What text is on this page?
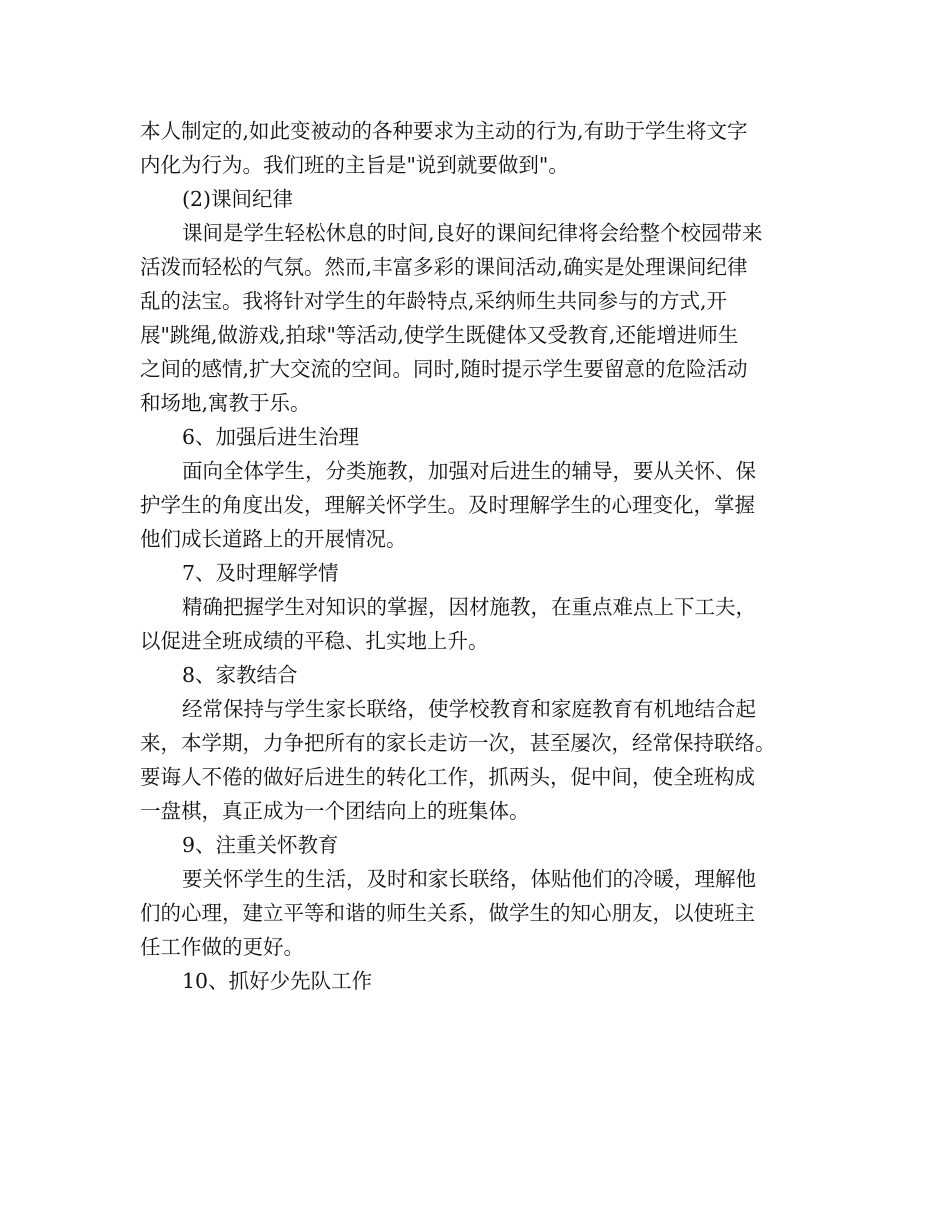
本人制定的,如此变被动的各种要求为主动的行为,有助于学生将文字
内化为行为。我们班的主旨是"说到就要做到"。
(2)课间纪律
课间是学生轻松休息的时间,良好的课间纪律将会给整个校园带来
活泼而轻松的气氛。然而,丰富多彩的课间活动,确实是处理课间纪律
乱的法宝。我将针对学生的年龄特点,采纳师生共同参与的方式,开
展"跳绳,做游戏,拍球"等活动,使学生既健体又受教育,还能增进师生
之间的感情,扩大交流的空间。同时,随时提示学生要留意的危险活动
和场地,寓教于乐。
6、加强后进生治理
面向全体学生，分类施教，加强对后进生的辅导，要从关怀、保
护学生的角度出发，理解关怀学生。及时理解学生的心理变化，掌握
他们成长道路上的开展情况。
7、及时理解学情
精确把握学生对知识的掌握，因材施教，在重点难点上下工夫，
以促进全班成绩的平稳、扎实地上升。
8、家教结合
经常保持与学生家长联络，使学校教育和家庭教育有机地结合起
来，本学期，力争把所有的家长走访一次，甚至屡次，经常保持联络。
要诲人不倦的做好后进生的转化工作，抓两头，促中间，使全班构成
一盘棋，真正成为一个团结向上的班集体。
9、注重关怀教育
要关怀学生的生活，及时和家长联络，体贴他们的冷暖，理解他
们的心理，建立平等和谐的师生关系，做学生的知心朋友，以使班主
任工作做的更好。
10、抓好少先队工作
